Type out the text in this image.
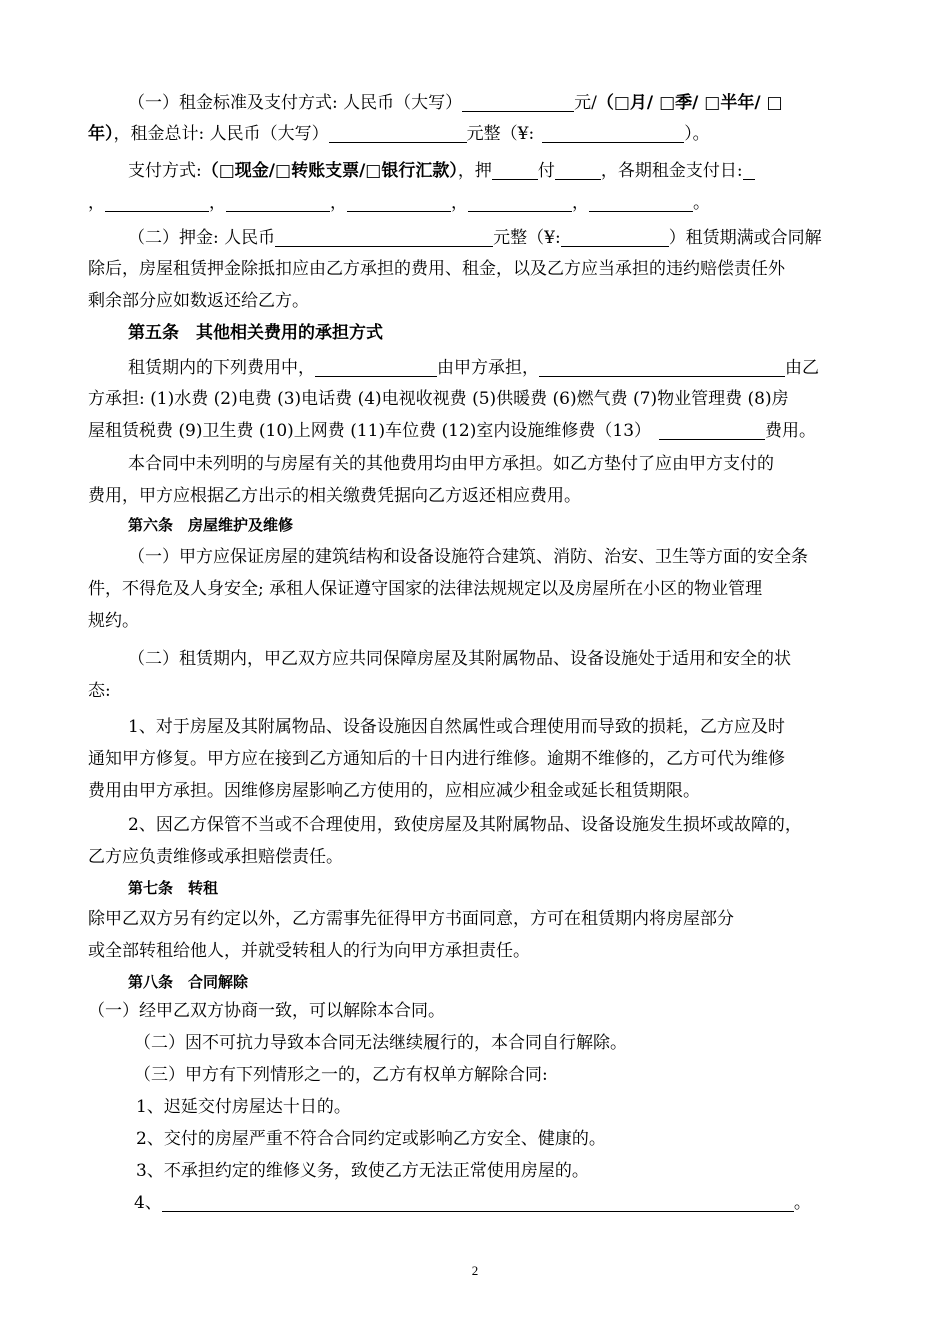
（一）租金标准及支付方式: 人民币（大写）	元/（□月/ □季/ □半年/ □
年），租金总计: 人民币（大写）	元整（¥:	）。
支付方式:（□现金/□转账支票/□银行汇款），押	付	，各期租金支付日:
，	，	，	，	，	。
（二）押金: 人民币	元整（¥:	）租赁期满或合同解
除后，房屋租赁押金除抵扣应由乙方承担的费用、租金，以及乙方应当承担的违约赔偿责任外
剩余部分应如数返还给乙方。
第五条　其他相关费用的承担方式
租赁期内的下列费用中，	由甲方承担，	由乙
方承担: (1)水费 (2)电费 (3)电话费 (4)电视收视费 (5)供暖费 (6)燃气费 (7)物业管理费 (8)房
屋租赁税费 (9)卫生费 (10)上网费 (11)车位费 (12)室内设施维修费（13）	费用。
本合同中未列明的与房屋有关的其他费用均由甲方承担。如乙方垫付了应由甲方支付的
费用，甲方应根据乙方出示的相关缴费凭据向乙方返还相应费用。
第六条　房屋维护及维修
（一）甲方应保证房屋的建筑结构和设备设施符合建筑、消防、治安、卫生等方面的安全条
件，不得危及人身安全; 承租人保证遵守国家的法律法规规定以及房屋所在小区的物业管理
规约。
（二）租赁期内，甲乙双方应共同保障房屋及其附属物品、设备设施处于适用和安全的状
态:
1、对于房屋及其附属物品、设备设施因自然属性或合理使用而导致的损耗，乙方应及时
通知甲方修复。甲方应在接到乙方通知后的十日内进行维修。逾期不维修的，乙方可代为维修
费用由甲方承担。因维修房屋影响乙方使用的，应相应减少租金或延长租赁期限。
2、因乙方保管不当或不合理使用，致使房屋及其附属物品、设备设施发生损坏或故障的，
乙方应负责维修或承担赔偿责任。
第七条　转租
除甲乙双方另有约定以外，乙方需事先征得甲方书面同意，方可在租赁期内将房屋部分
或全部转租给他人，并就受转租人的行为向甲方承担责任。
第八条　合同解除
（一）经甲乙双方协商一致，可以解除本合同。
（二）因不可抗力导致本合同无法继续履行的，本合同自行解除。
（三）甲方有下列情形之一的，乙方有权单方解除合同:
1、迟延交付房屋达十日的。
2、交付的房屋严重不符合合同约定或影响乙方安全、健康的。
3、不承担约定的维修义务，致使乙方无法正常使用房屋的。
4、	。
2
